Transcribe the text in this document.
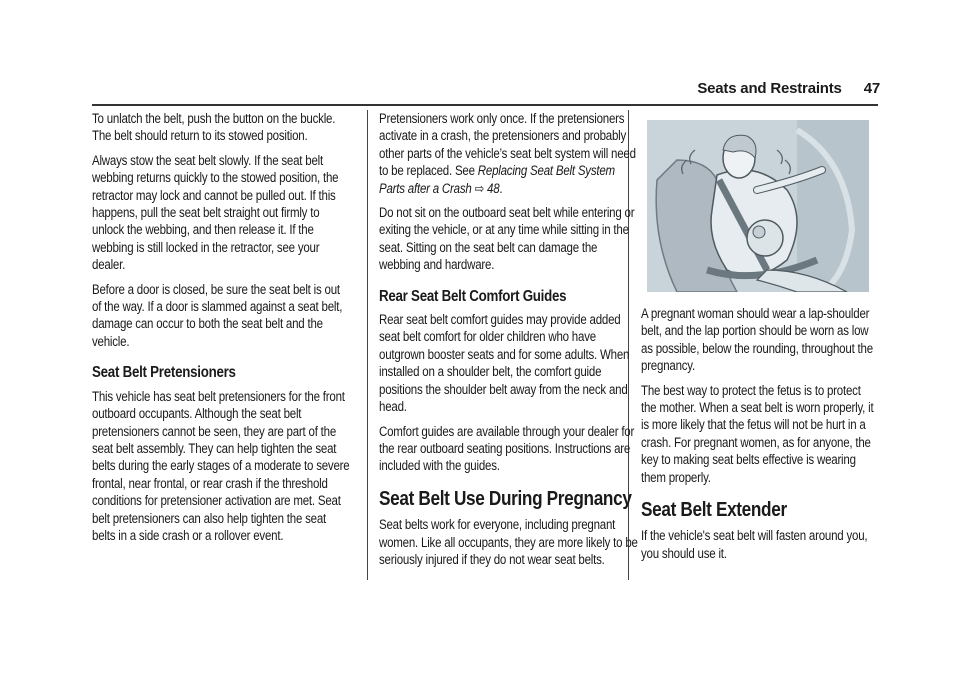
Seats and Restraints 47

To unlatch the belt, push the button on the buckle. The belt should return to its stowed position.

Always stow the seat belt slowly. If the seat belt webbing returns quickly to the stowed position, the retractor may lock and cannot be pulled out. If this happens, pull the seat belt straight out firmly to unlock the webbing, and then release it. If the webbing is still locked in the retractor, see your dealer.

Before a door is closed, be sure the seat belt is out of the way. If a door is slammed against a seat belt, damage can occur to both the seat belt and the vehicle.

Seat Belt Pretensioners

This vehicle has seat belt pretensioners for the front outboard occupants. Although the seat belt pretensioners cannot be seen, they are part of the seat belt assembly. They can help tighten the seat belts during the early stages of a moderate to severe frontal, near frontal, or rear crash if the threshold conditions for pretensioner activation are met. Seat belt pretensioners can also help tighten the seat belts in a side crash or a rollover event.

Pretensioners work only once. If the pretensioners activate in a crash, the pretensioners and probably other parts of the vehicle’s seat belt system will need to be replaced. See Replacing Seat Belt System Parts after a Crash ⇨ 48.

Do not sit on the outboard seat belt while entering or exiting the vehicle, or at any time while sitting in the seat. Sitting on the seat belt can damage the webbing and hardware.

Rear Seat Belt Comfort Guides

Rear seat belt comfort guides may provide added seat belt comfort for older children who have outgrown booster seats and for some adults. When installed on a shoulder belt, the comfort guide positions the shoulder belt away from the neck and head.

Comfort guides are available through your dealer for the rear outboard seating positions. Instructions are included with the guides.

Seat Belt Use During Pregnancy

Seat belts work for everyone, including pregnant women. Like all occupants, they are more likely to be seriously injured if they do not wear seat belts.

A pregnant woman should wear a lap-shoulder belt, and the lap portion should be worn as low as possible, below the rounding, throughout the pregnancy.

The best way to protect the fetus is to protect the mother. When a seat belt is worn properly, it is more likely that the fetus will not be hurt in a crash. For pregnant women, as for anyone, the key to making seat belts effective is wearing them properly.

Seat Belt Extender

If the vehicle's seat belt will fasten around you, you should use it.
